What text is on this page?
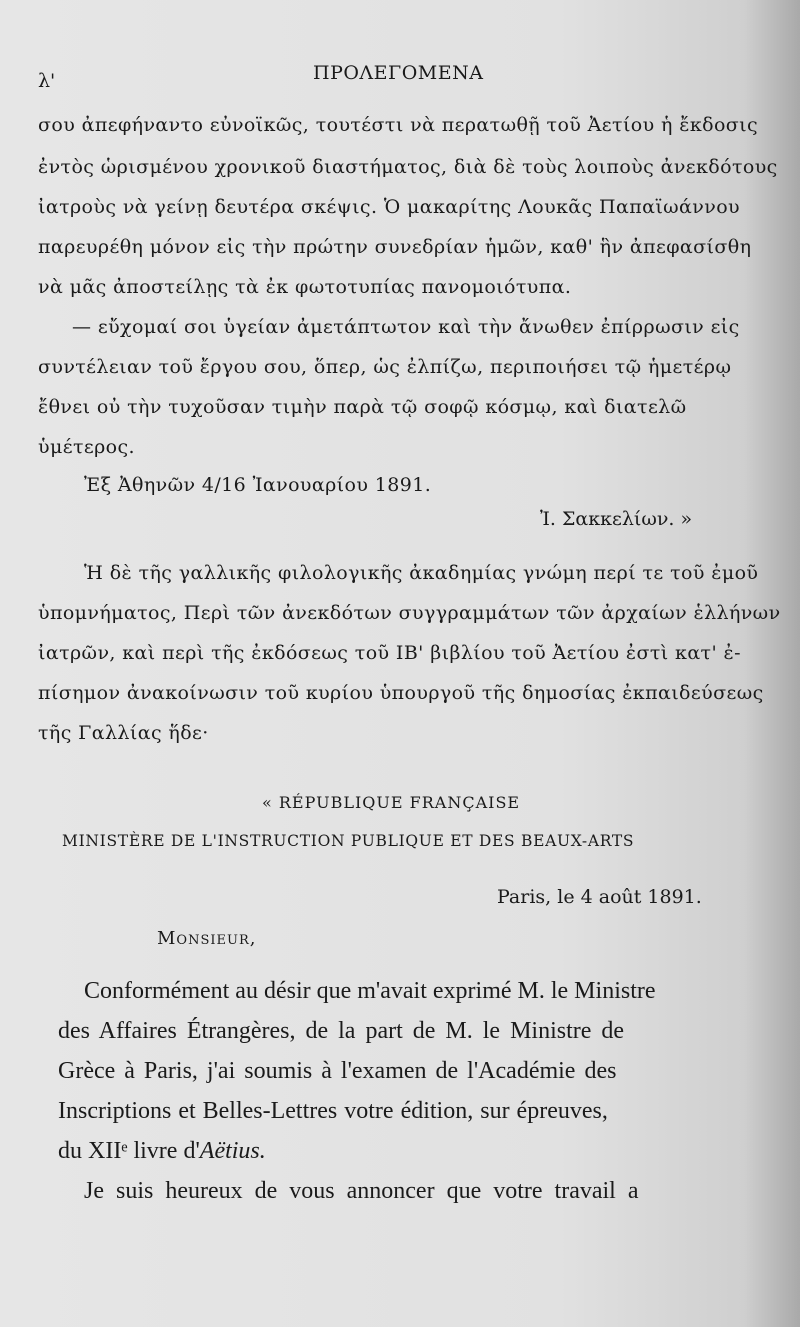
λ'	ΠΡΟΛΕΓΟΜΕΝΑ
σου ἀπεφήναντο εὐνοϊκῶς, τουτέστι νὰ περατωθῇ τοῦ Ἀετίου ἡ ἔκδοσις
ἐντὸς ὡρισμένου χρονικοῦ διαστήματος, διὰ δὲ τοὺς λοιποὺς ἀνεκδότους
ἰατροὺς νὰ γείνῃ δευτέρα σκέψις. Ὁ μακαρίτης Λουκᾶς Παπαϊωάννου
παρευρέθη μόνον εἰς τὴν πρώτην συνεδρίαν ἡμῶν, καθ' ἣν ἀπεφασίσθη
νὰ μᾶς ἀποστείλῃς τὰ ἐκ φωτοτυπίας πανομοιότυπα.
— εὔχομαί σοι ὑγείαν ἀμετάπτωτον καὶ τὴν ἄνωθεν ἐπίρρωσιν εἰς
συντέλειαν τοῦ ἔργου σου, ὅπερ, ὡς ἐλπίζω, περιποιήσει τῷ ἡμετέρῳ
ἔθνει οὐ τὴν τυχοῦσαν τιμὴν παρὰ τῷ σοφῷ κόσμῳ, καὶ διατελῶ
ὑμέτερος.
Ἐξ Ἀθηνῶν 4/16 Ἰανουαρίου 1891.
Ἰ. Σακκελίων. »
Ἡ δὲ τῆς γαλλικῆς φιλολογικῆς ἀκαδημίας γνώμη περί τε τοῦ ἐμοῦ
ὑπομνήματος, Περὶ τῶν ἀνεκδότων συγγραμμάτων τῶν ἀρχαίων ἑλλήνων
ἰατρῶν, καὶ περὶ τῆς ἐκδόσεως τοῦ ΙΒ' βιβλίου τοῦ Ἀετίου ἐστὶ κατ' ἐ-
πίσημον ἀνακοίνωσιν τοῦ κυρίου ὑπουργοῦ τῆς δημοσίας ἐκπαιδεύσεως
τῆς Γαλλίας ἥδε·
« RÉPUBLIQUE FRANÇAISE
MINISTÈRE DE L'INSTRUCTION PUBLIQUE ET DES BEAUX-ARTS
Paris, le 4 août 1891.
Monsieur,
Conformément au désir que m'avait exprimé M. le Ministre
des Affaires Étrangères, de la part de M. le Ministre de
Grèce à Paris, j'ai soumis à l'examen de l'Académie des
Inscriptions et Belles-Lettres votre édition, sur épreuves,
du XIIᵉ livre d'Aëtius.
Je suis heureux de vous annoncer que votre travail a
